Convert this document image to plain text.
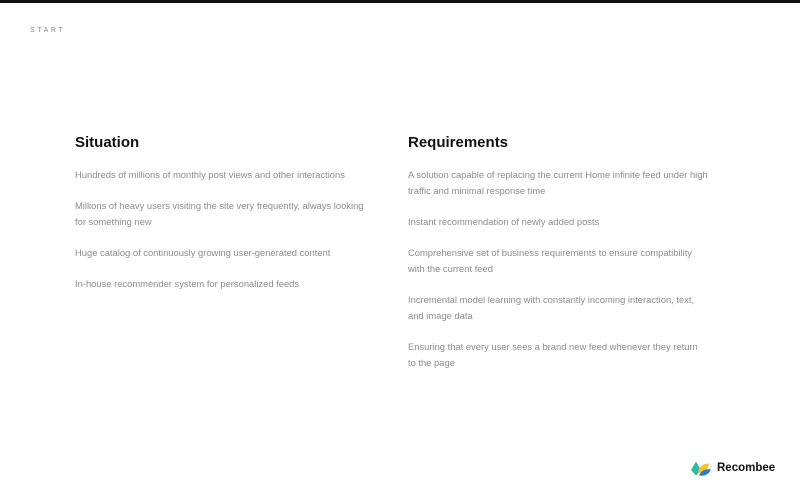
START
Situation
Hundreds of millions of monthly post views and other interactions
Millions of heavy users visiting the site very frequently, always looking for something new
Huge catalog of continuously growing user-generated content
In-house recommender system for personalized feeds
Requirements
A solution capable of replacing the current Home infinite feed under high traffic and minimal response time
Instant recommendation of newly added posts
Comprehensive set of business requirements to ensure compatibility with the current feed
Incremental model learning with constantly incoming interaction, text, and image data
Ensuring that every user sees a brand new feed whenever they return to the page
Recombee
